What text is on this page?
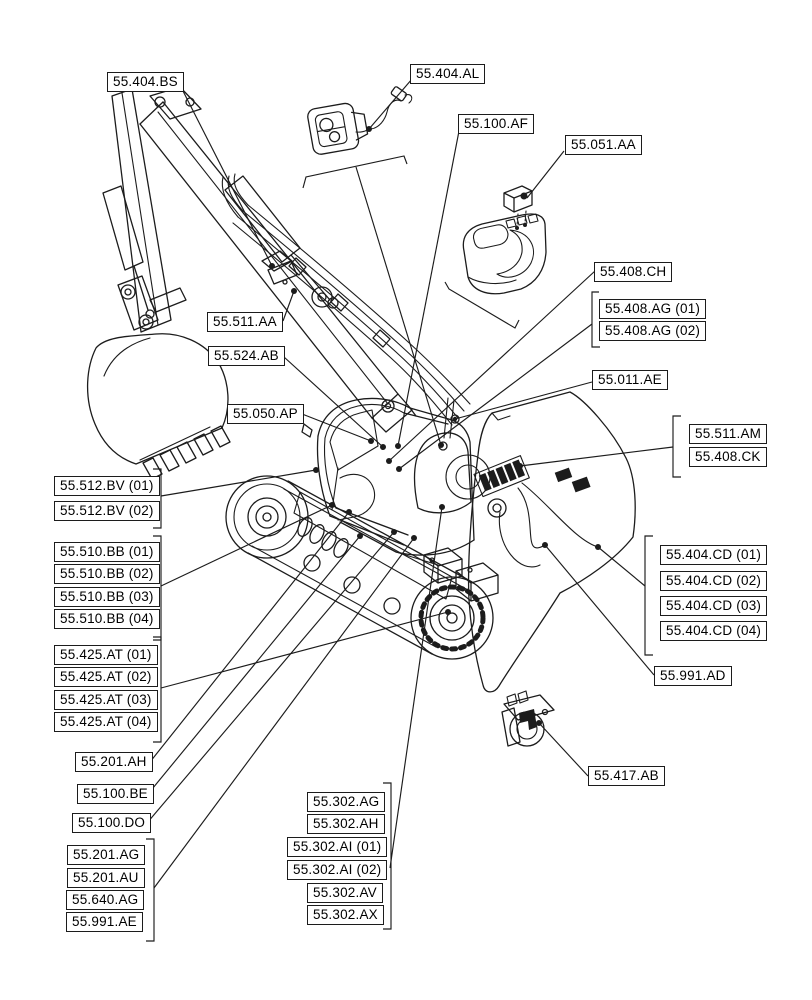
55.404.BS
55.404.AL
55.100.AF
55.051.AA
55.408.CH
55.408.AG (01)
55.408.AG (02)
55.011.AE
55.511.AM
55.408.CK
55.511.AA
55.524.AB
55.050.AP
55.512.BV (01)
55.512.BV (02)
55.510.BB (01)
55.510.BB (02)
55.510.BB (03)
55.510.BB (04)
55.425.AT (01)
55.425.AT (02)
55.425.AT (03)
55.425.AT (04)
55.201.AH
55.100.BE
55.100.DO
55.201.AG
55.201.AU
55.640.AG
55.991.AE
55.302.AG
55.302.AH
55.302.AI (01)
55.302.AI (02)
55.302.AV
55.302.AX
55.404.CD (01)
55.404.CD (02)
55.404.CD (03)
55.404.CD (04)
55.991.AD
55.417.AB
